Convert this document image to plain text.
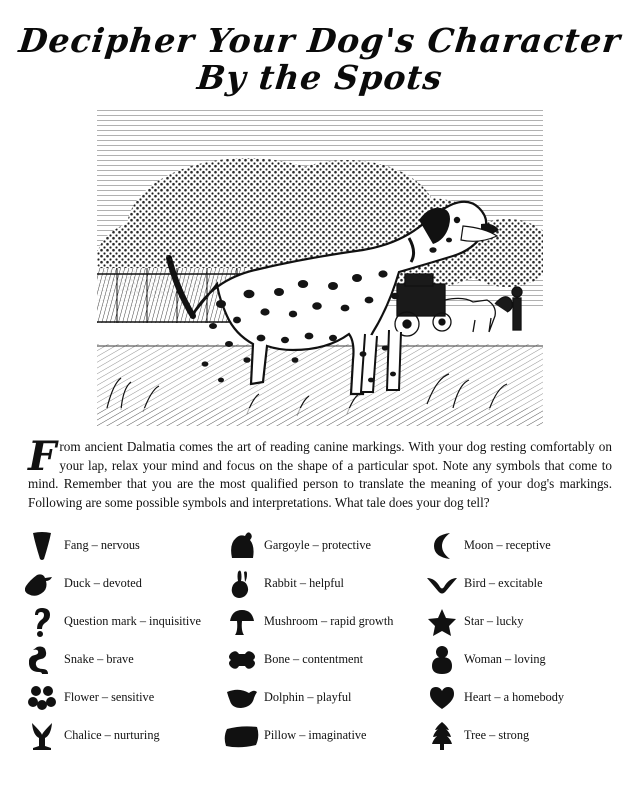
Decipher Your Dog's Character
By the Spots
From ancient Dalmatia comes the art of reading canine markings. With your dog resting comfortably on your lap, relax your mind and focus on the shape of a particular spot. Note any symbols that come to mind. Remember that you are the most qualified person to translate the meaning of your dog's markings. Following are some possible symbols and interpretations. What tale does your dog tell?
Fang – nervous	Gargoyle – protective	Moon – receptive
Duck – devoted	Rabbit – helpful	Bird – excitable
Question mark – inquisitive	Mushroom – rapid growth	Star – lucky
Snake – brave	Bone – contentment	Woman – loving
Flower – sensitive	Dolphin – playful	Heart – a homebody
Chalice – nurturing	Pillow – imaginative	Tree – strong
